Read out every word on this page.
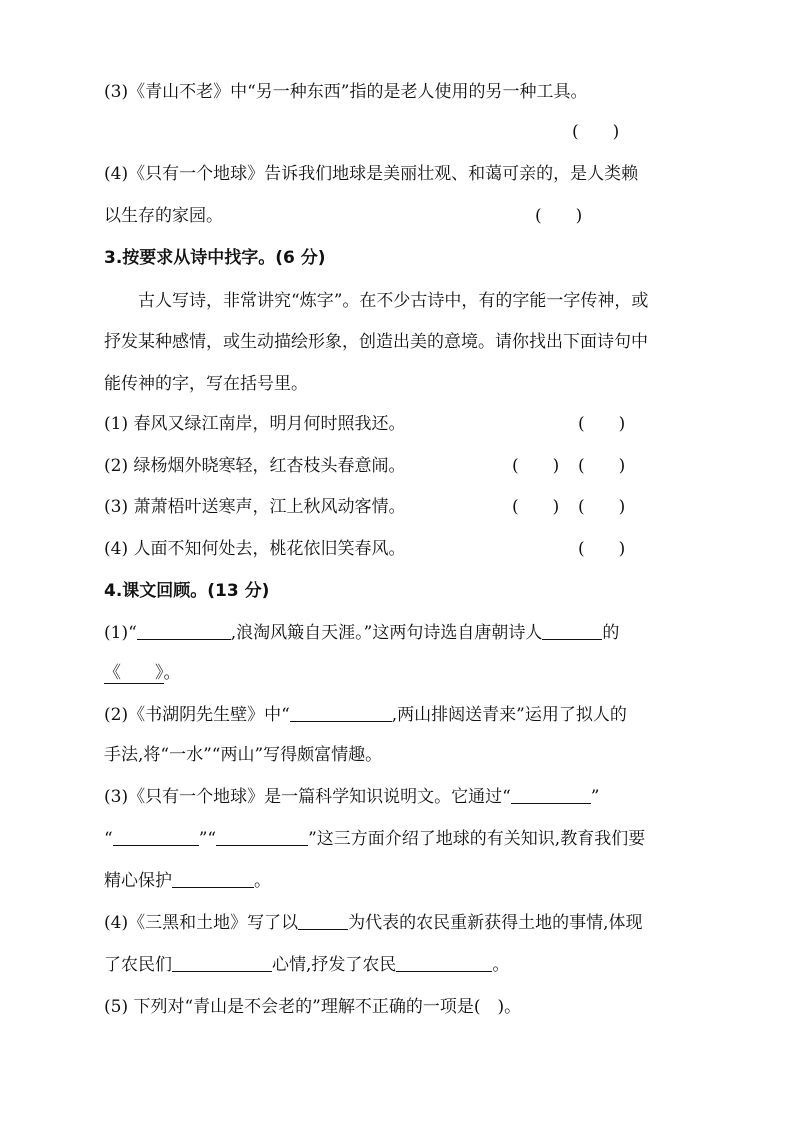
(3)《青山不老》中“另一种东西”指的是老人使用的另一种工具。
(　　)
(4)《只有一个地球》告诉我们地球是美丽壮观、和蔼可亲的，是人类赖
以生存的家园。	(　　)
3.按要求从诗中找字。(6 分)
古人写诗，非常讲究“炼字”。在不少古诗中，有的字能一字传神，或
抒发某种感情，或生动描绘形象，创造出美的意境。请你找出下面诗句中
能传神的字，写在括号里。
(1) 春风又绿江南岸，明月何时照我还。	(　　)
(2) 绿杨烟外晓寒轻，红杏枝头春意闹。	(　　) (　　)
(3) 萧萧梧叶送寒声，江上秋风动客情。	(　　) (　　)
(4) 人面不知何处去，桃花依旧笑春风。	(　　)
4.课文回顾。(13 分)
(1)“	,浪淘风簸自天涯。”这两句诗选自唐朝诗人	的
《　　》。
(2)《书湖阴先生壁》中“	,两山排闼送青来”运用了拟人的
手法,将“一水”“两山”写得颇富情趣。
(3)《只有一个地球》是一篇科学知识说明文。它通过“	”
“	”“	”这三方面介绍了地球的有关知识,教育我们要
精心保护	。
(4)《三黑和土地》写了以	为代表的农民重新获得土地的事情,体现
了农民们	心情,抒发了农民	。
(5) 下列对“青山是不会老的”理解不正确的一项是(　)。
